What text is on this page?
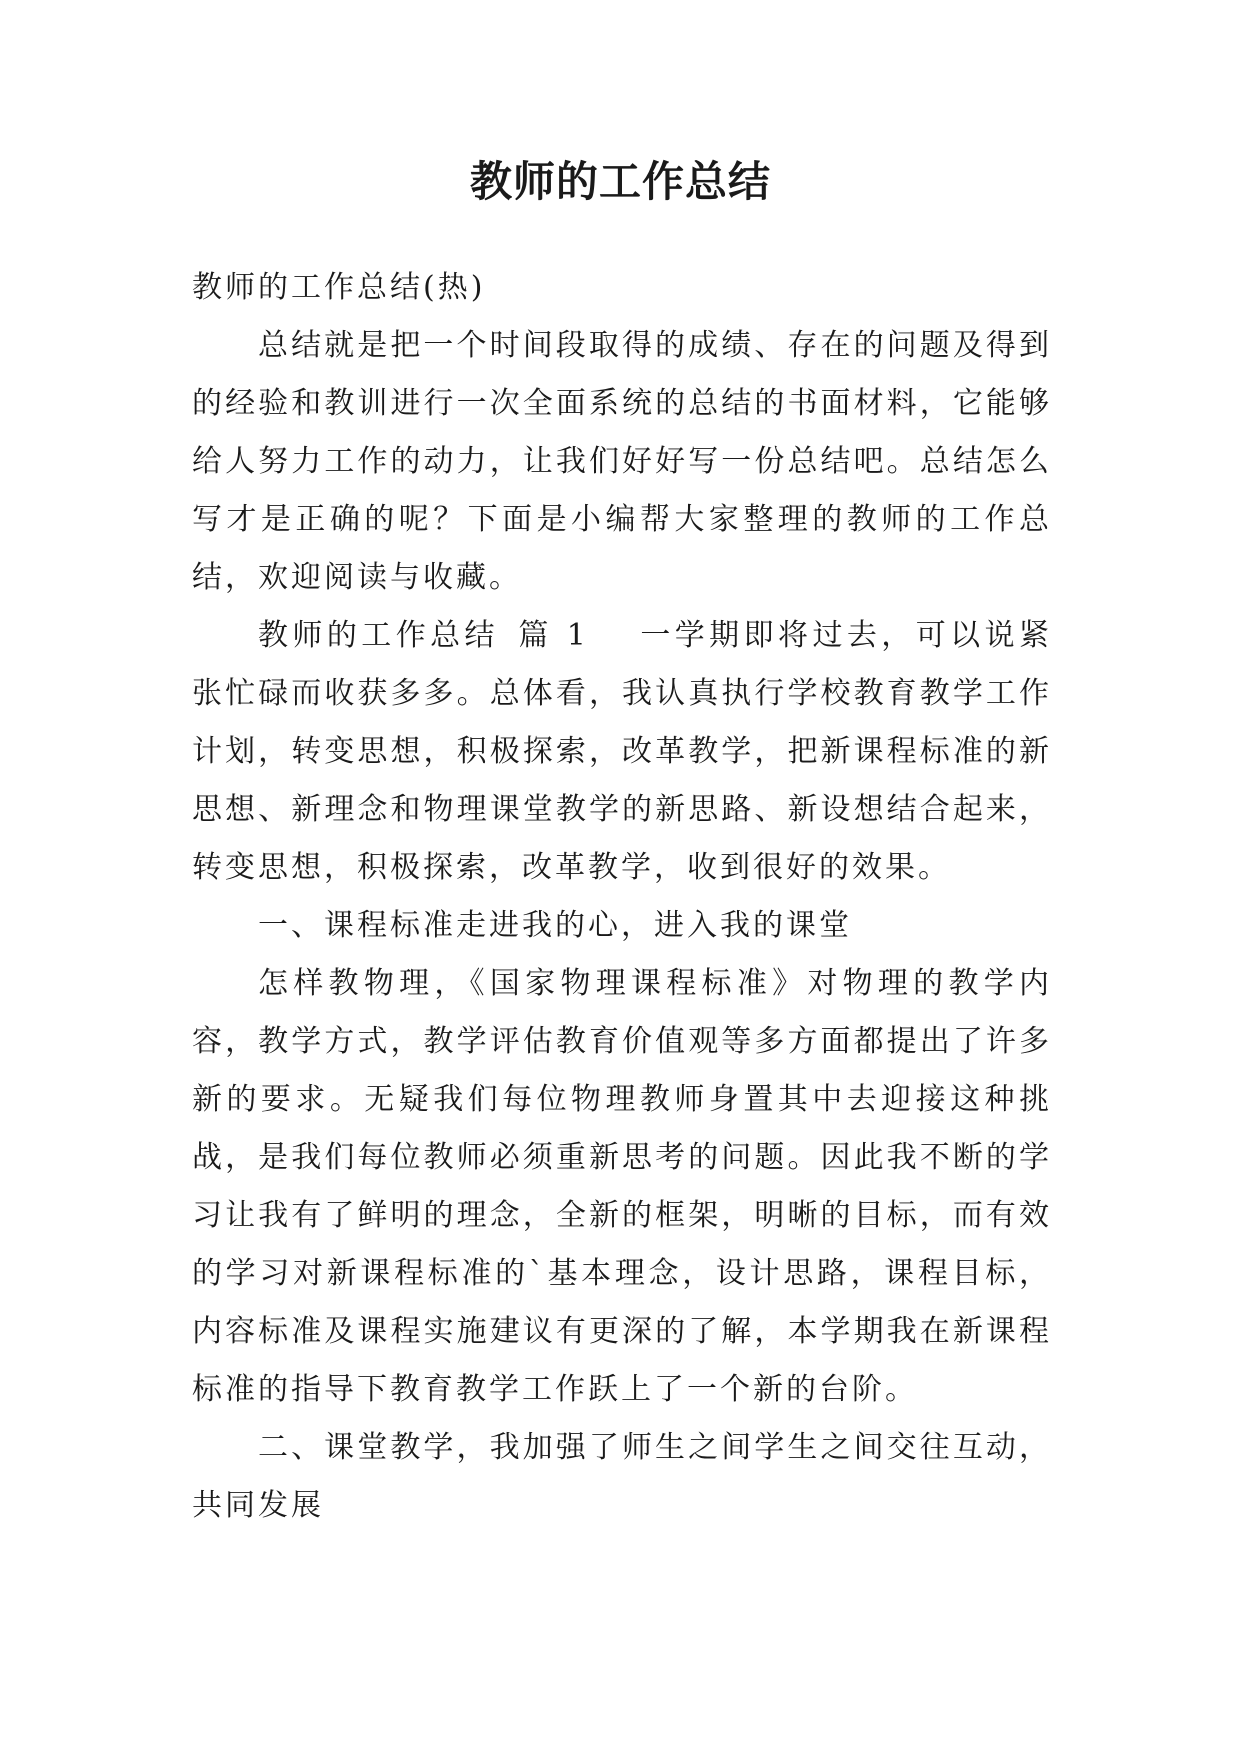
教师的工作总结

教师的工作总结(热)

总结就是把一个时间段取得的成绩、存在的问题及得到的经验和教训进行一次全面系统的总结的书面材料，它能够给人努力工作的动力，让我们好好写一份总结吧。总结怎么写才是正确的呢？下面是小编帮大家整理的教师的工作总结，欢迎阅读与收藏。

教师的工作总结 篇 1 一学期即将过去，可以说紧张忙碌而收获多多。总体看，我认真执行学校教育教学工作计划，转变思想，积极探索，改革教学，把新课程标准的新思想、新理念和物理课堂教学的新思路、新设想结合起来，转变思想，积极探索，改革教学，收到很好的效果。

一、课程标准走进我的心，进入我的课堂

怎样教物理，《国家物理课程标准》对物理的教学内容，教学方式，教学评估教育价值观等多方面都提出了许多新的要求。无疑我们每位物理教师身置其中去迎接这种挑战，是我们每位教师必须重新思考的问题。因此我不断的学习让我有了鲜明的理念，全新的框架，明晰的目标，而有效的学习对新课程标准的`基本理念，设计思路，课程目标，内容标准及课程实施建议有更深的了解，本学期我在新课程标准的指导下教育教学工作跃上了一个新的台阶。

二、课堂教学，我加强了师生之间学生之间交往互动，共同发展
